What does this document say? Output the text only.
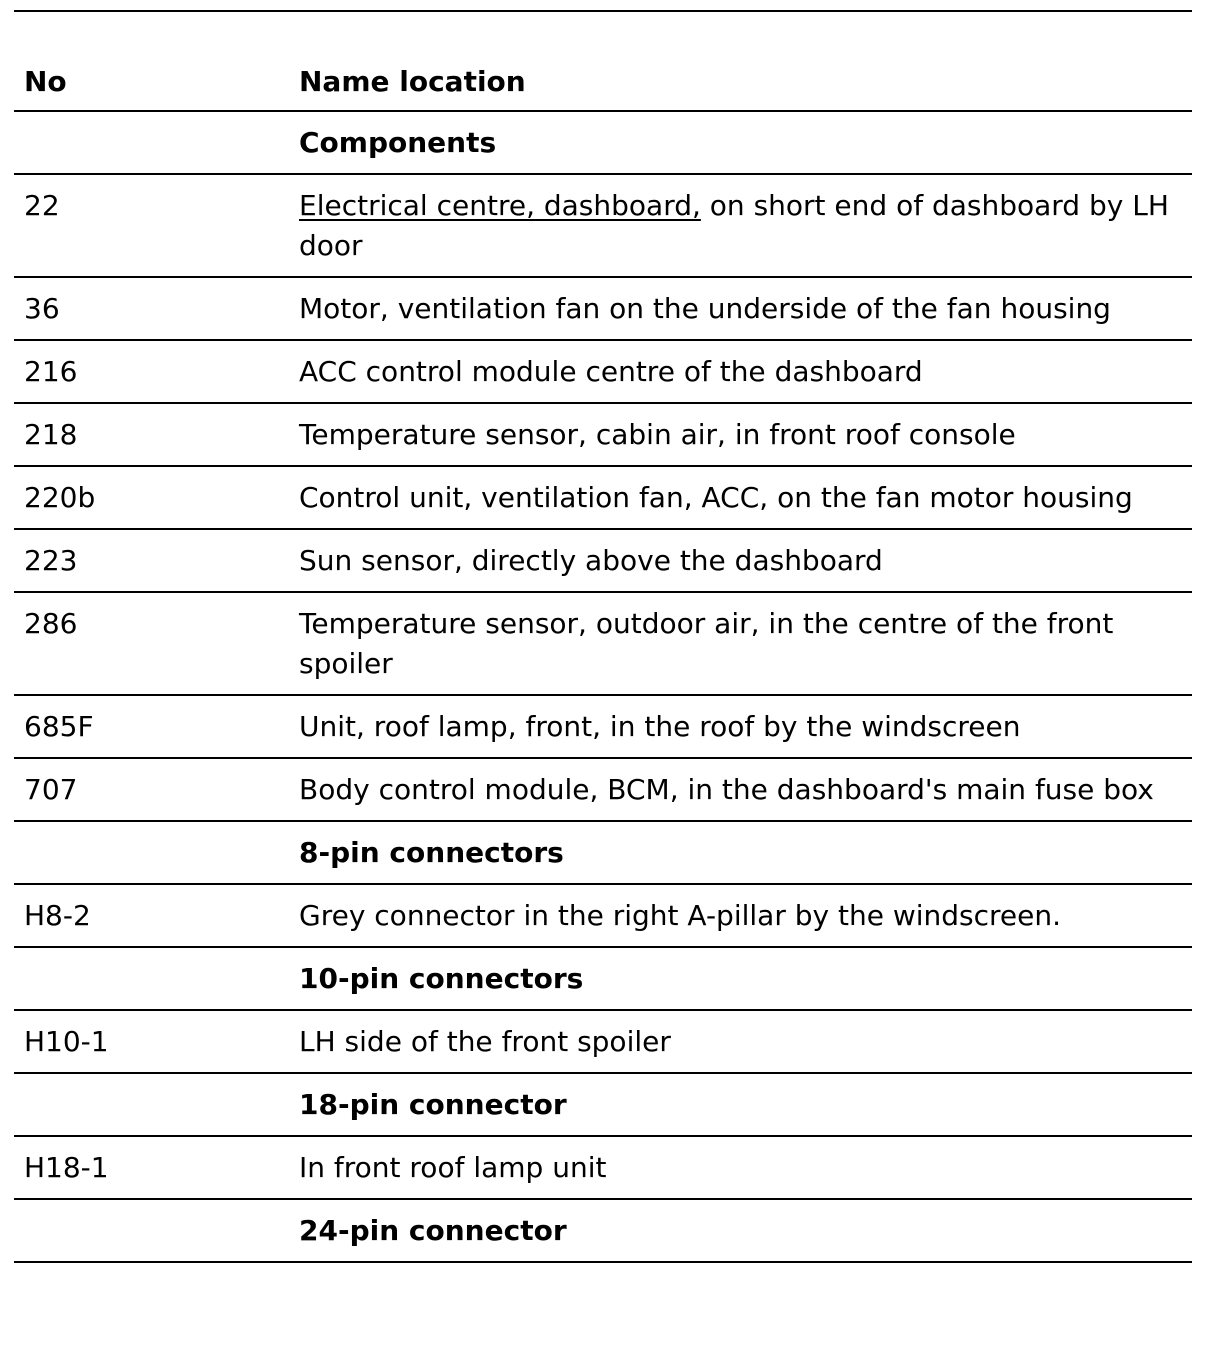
No	Name location
	Components
22	Electrical centre, dashboard, on short end of dashboard by LH door
36	Motor, ventilation fan on the underside of the fan housing
216	ACC control module centre of the dashboard
218	Temperature sensor, cabin air, in front roof console
220b	Control unit, ventilation fan, ACC, on the fan motor housing
223	Sun sensor, directly above the dashboard
286	Temperature sensor, outdoor air, in the centre of the front spoiler
685F	Unit, roof lamp, front, in the roof by the windscreen
707	Body control module, BCM, in the dashboard's main fuse box
	8-pin connectors
H8-2	Grey connector in the right A-pillar by the windscreen.
	10-pin connectors
H10-1	LH side of the front spoiler
	18-pin connector
H18-1	In front roof lamp unit
	24-pin connector
